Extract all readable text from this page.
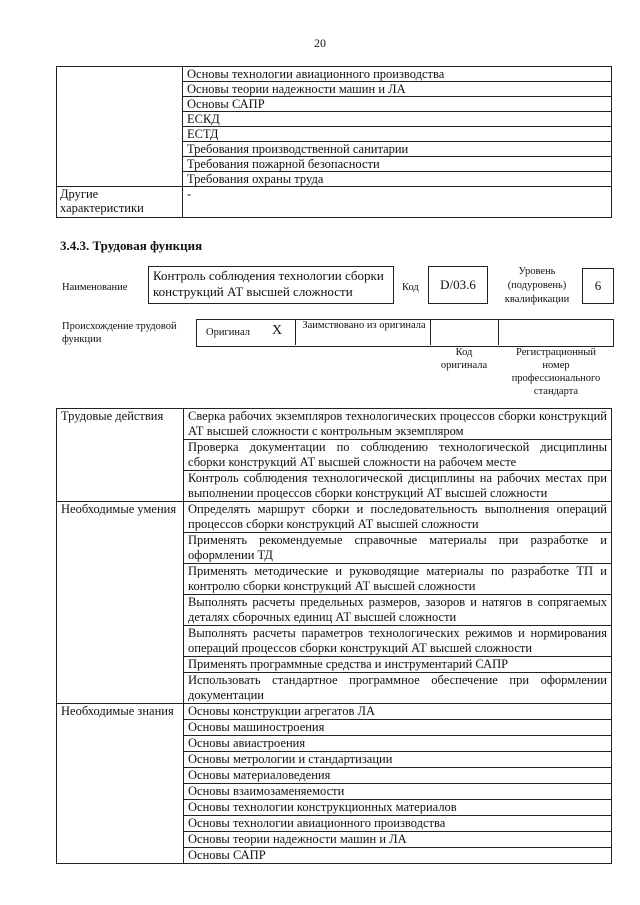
20
	Основы технологии авиационного производства
	Основы теории надежности машин и ЛА
	Основы САПР
	ЕСКД
	ЕСТД
	Требования производственной санитарии
	Требования пожарной безопасности
	Требования охраны труда
Другие характеристики	-
3.4.3. Трудовая функция
Наименование
Контроль соблюдения технологии сборки конструкций АТ высшей сложности	Код	D/03.6
Уровень (подуровень) квалификации
6
Происхождение трудовой функции
Оригинал X Заимствовано из оригинала
Код оригинала
Регистрационный номер профессионального стандарта
Трудовые действия	Сверка рабочих экземпляров технологических процессов сборки конструкций АТ высшей сложности с контрольным экземпляром
	Проверка документации по соблюдению технологической дисциплины сборки конструкций АТ высшей сложности на рабочем месте
	Контроль соблюдения технологической дисциплины на рабочих местах при выполнении процессов сборки конструкций АТ высшей сложности
Необходимые умения	Определять маршрут сборки и последовательность выполнения операций процессов сборки конструкций АТ высшей сложности
	Применять рекомендуемые справочные материалы при разработке и оформлении ТД
	Применять методические и руководящие материалы по разработке ТП и контролю сборки конструкций АТ высшей сложности
	Выполнять расчеты предельных размеров, зазоров и натягов в сопрягаемых деталях сборочных единиц АТ высшей сложности
	Выполнять расчеты параметров технологических режимов и нормирования операций процессов сборки конструкций АТ высшей сложности
	Применять программные средства и инструментарий САПР
	Использовать стандартное программное обеспечение при оформлении документации
Необходимые знания	Основы конструкции агрегатов ЛА
	Основы машиностроения
	Основы авиастроения
	Основы метрологии и стандартизации
	Основы материаловедения
	Основы взаимозаменяемости
	Основы технологии конструкционных материалов
	Основы технологии авиационного производства
	Основы теории надежности машин и ЛА
	Основы САПР
